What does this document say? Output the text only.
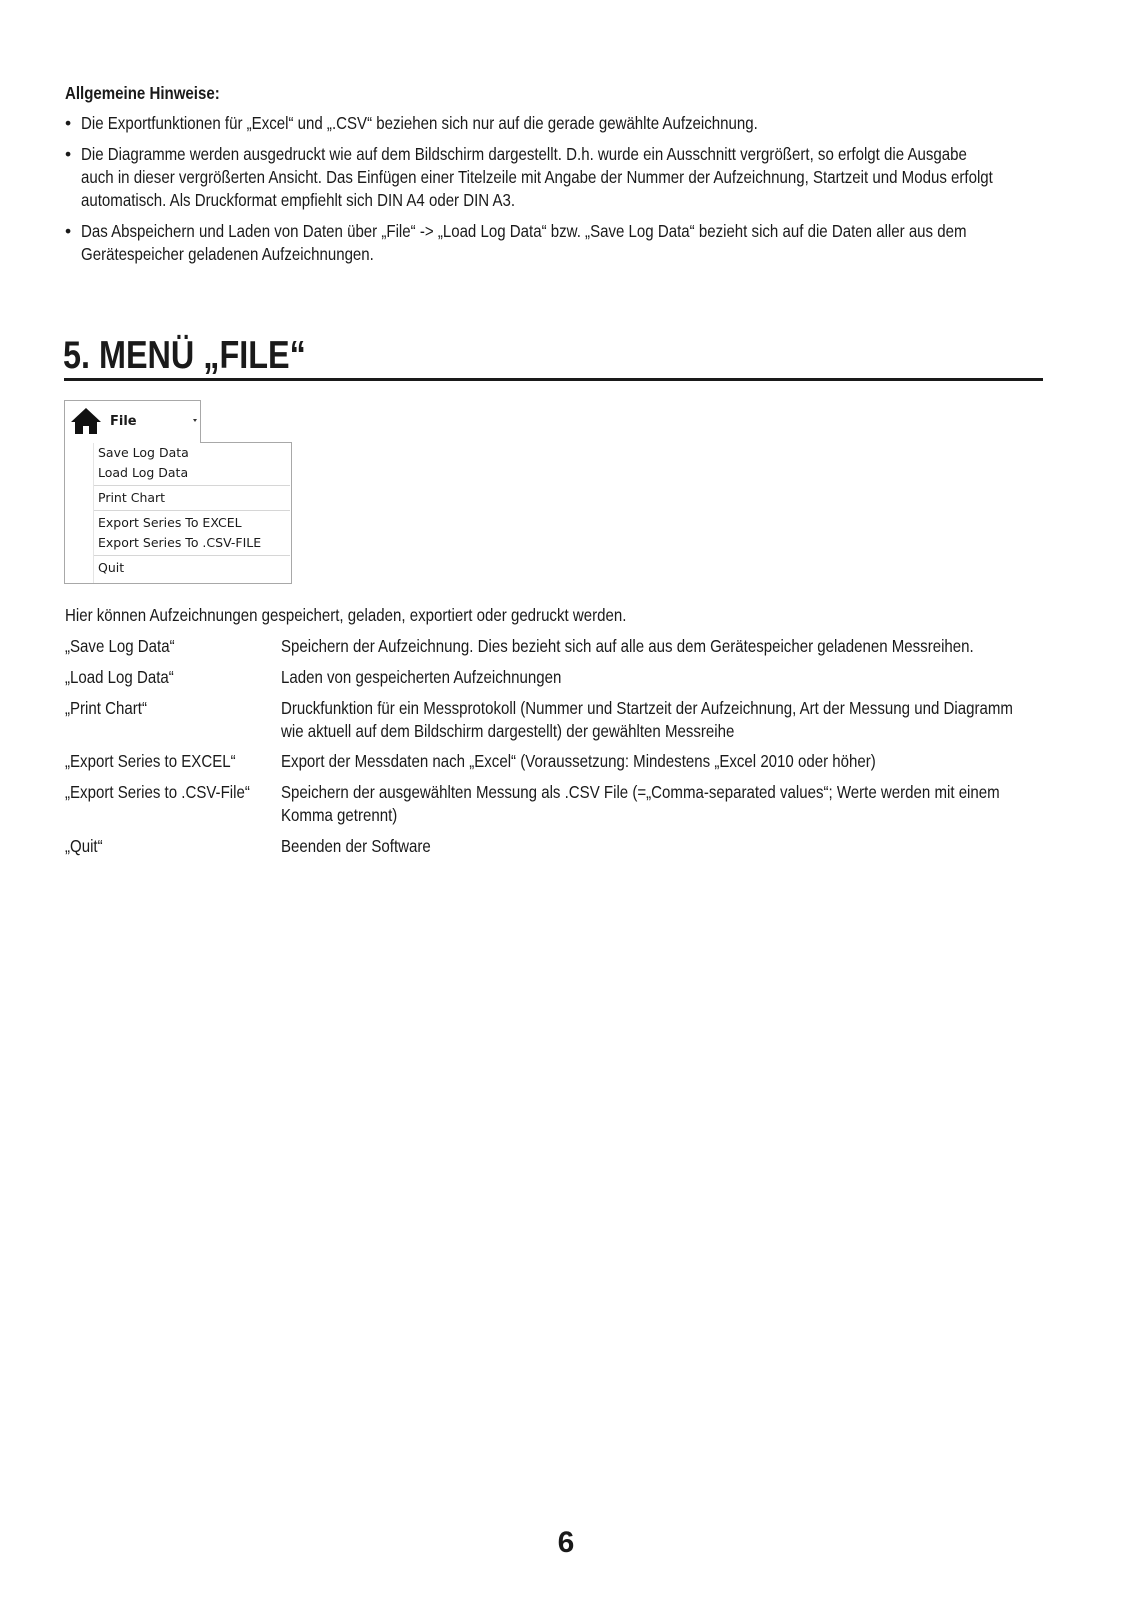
Allgemeine Hinweise:
• Die Exportfunktionen für „Excel“ und „.CSV“ beziehen sich nur auf die gerade gewählte Aufzeichnung.
• Die Diagramme werden ausgedruckt wie auf dem Bildschirm dargestellt. D.h. wurde ein Ausschnitt vergrößert, so erfolgt die Ausgabe
auch in dieser vergrößerten Ansicht. Das Einfügen einer Titelzeile mit Angabe der Nummer der Aufzeichnung, Startzeit und Modus erfolgt
automatisch. Als Druckformat empfiehlt sich DIN A4 oder DIN A3.
• Das Abspeichern und Laden von Daten über „File“ -> „Load Log Data“ bzw. „Save Log Data“ bezieht sich auf die Daten aller aus dem
Gerätespeicher geladenen Aufzeichnungen.
5. MENÜ „FILE“
File
Save Log Data
Load Log Data
Print Chart
Export Series To EXCEL
Export Series To .CSV-FILE
Quit
Hier können Aufzeichnungen gespeichert, geladen, exportiert oder gedruckt werden.
„Save Log Data“	Speichern der Aufzeichnung. Dies bezieht sich auf alle aus dem Gerätespeicher geladenen Messreihen.
„Load Log Data“	Laden von gespeicherten Aufzeichnungen
„Print Chart“	Druckfunktion für ein Messprotokoll (Nummer und Startzeit der Aufzeichnung, Art der Messung und Diagramm
wie aktuell auf dem Bildschirm dargestellt) der gewählten Messreihe
„Export Series to EXCEL“	Export der Messdaten nach „Excel“ (Voraussetzung: Mindestens „Excel 2010 oder höher)
„Export Series to .CSV-File“	Speichern der ausgewählten Messung als .CSV File (=„Comma-separated values“; Werte werden mit einem
Komma getrennt)
„Quit“	Beenden der Software
6
